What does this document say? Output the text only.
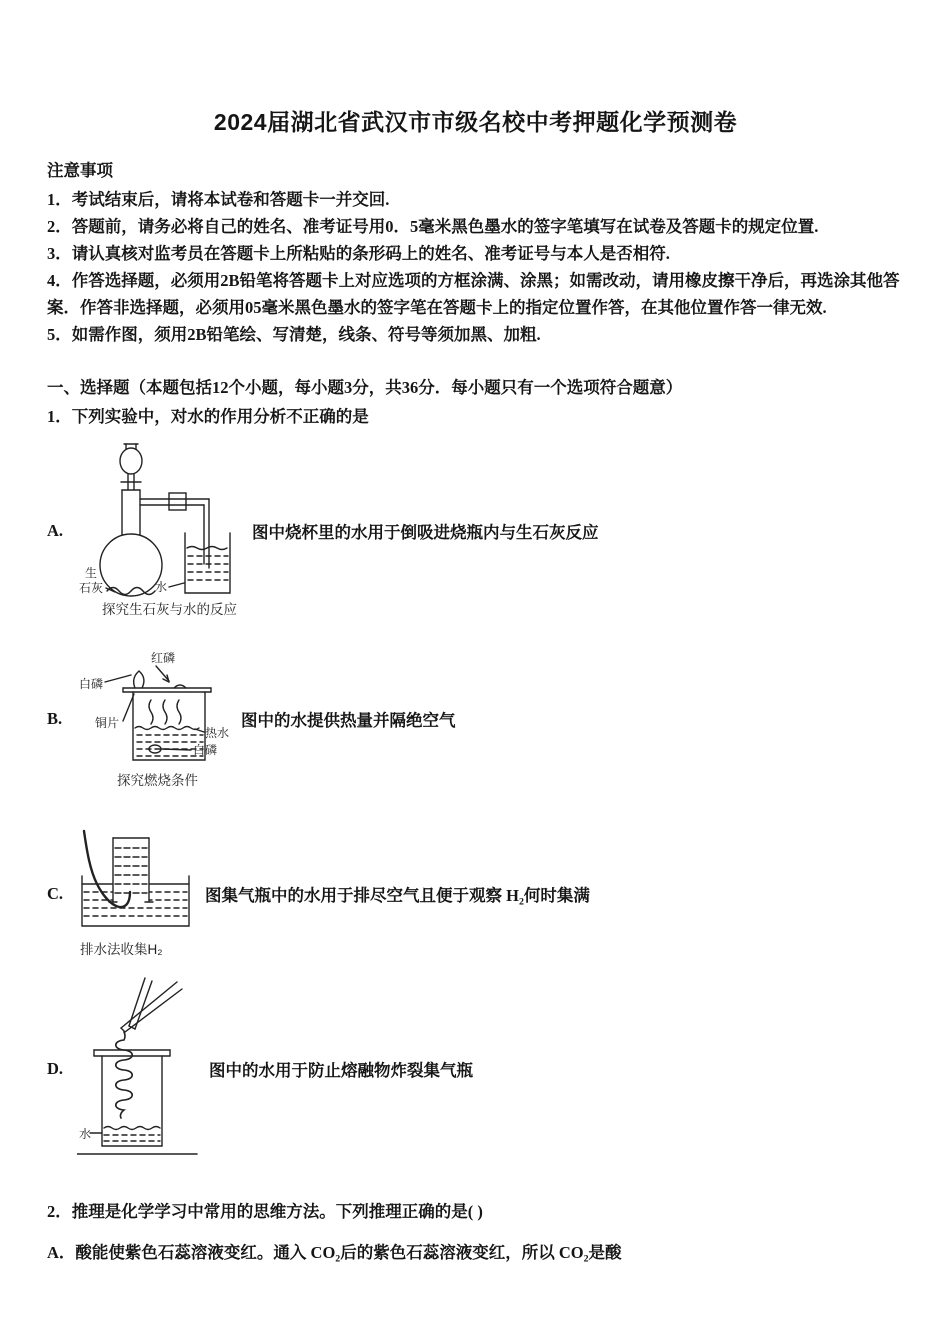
2024届湖北省武汉市市级名校中考押题化学预测卷
注意事项

1．考试结束后，请将本试卷和答题卡一并交回.

2．答题前，请务必将自己的姓名、准考证号用0．5毫米黑色墨水的签字笔填写在试卷及答题卡的规定位置.

3．请认真核对监考员在答题卡上所粘贴的条形码上的姓名、准考证号与本人是否相符.

4．作答选择题，必须用2B铅笔将答题卡上对应选项的方框涂满、涂黑；如需改动，请用橡皮擦干净后，再选涂其他答案．作答非选择题，必须用05毫米黑色墨水的签字笔在答题卡上的指定位置作答，在其他位置作答一律无效.

5．如需作图，须用2B铅笔绘、写清楚，线条、符号等须加黑、加粗.

一、选择题（本题包括12个小题，每小题3分，共36分．每小题只有一个选项符合题意）
1．下列实验中，对水的作用分析不正确的是
A.
生
石灰	水
探究生石灰与水的反应
图中烧杯里的水用于倒吸进烧瓶内与生石灰反应
B.
红磷
白磷
铜片
热水
白磷
探究燃烧条件
图中的水提供热量并隔绝空气
C.
排水法收集H₂
图集气瓶中的水用于排尽空气且便于观察 H₂何时集满
D.
水
图中的水用于防止熔融物炸裂集气瓶
2．推理是化学学习中常用的思维方法。下列推理正确的是( )
A．酸能使紫色石蕊溶液变红。通入 CO₂后的紫色石蕊溶液变红，所以 CO₂是酸
